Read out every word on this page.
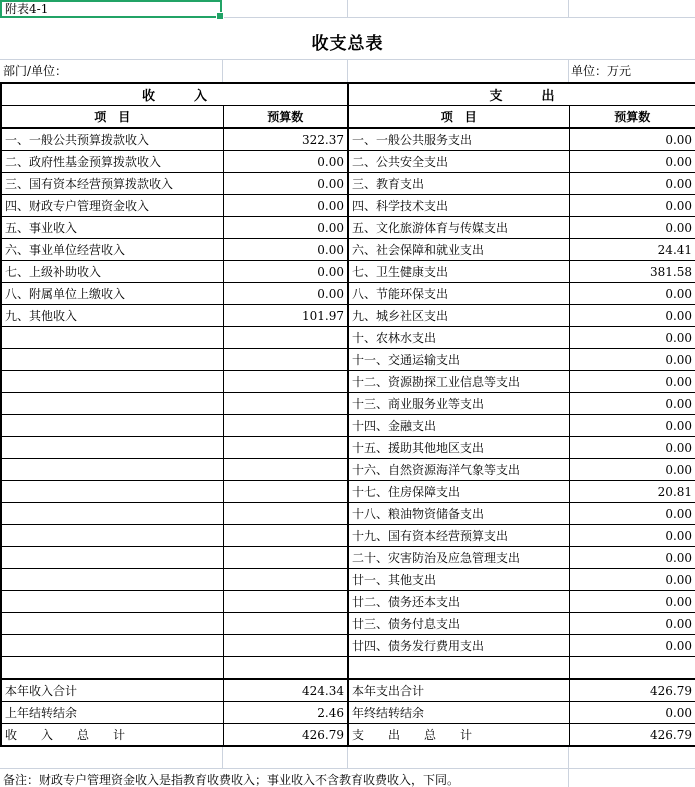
附表4-1
收支总表
部门/单位：	单位：万元
收　　　入		支　　　出	
项　目	预算数	项　目	预算数
一、一般公共预算拨款收入	322.37	一、一般公共服务支出	0.00
二、政府性基金预算拨款收入	0.00	二、公共安全支出	0.00
三、国有资本经营预算拨款收入	0.00	三、教育支出	0.00
四、财政专户管理资金收入	0.00	四、科学技术支出	0.00
五、事业收入	0.00	五、文化旅游体育与传媒支出	0.00
六、事业单位经营收入	0.00	六、社会保障和就业支出	24.41
七、上级补助收入	0.00	七、卫生健康支出	381.58
八、附属单位上缴收入	0.00	八、节能环保支出	0.00
九、其他收入	101.97	九、城乡社区支出	0.00
		十、农林水支出	0.00
		十一、交通运输支出	0.00
		十二、资源勘探工业信息等支出	0.00
		十三、商业服务业等支出	0.00
		十四、金融支出	0.00
		十五、援助其他地区支出	0.00
		十六、自然资源海洋气象等支出	0.00
		十七、住房保障支出	20.81
		十八、粮油物资储备支出	0.00
		十九、国有资本经营预算支出	0.00
		二十、灾害防治及应急管理支出	0.00
		廿一、其他支出	0.00
		廿二、债务还本支出	0.00
		廿三、债务付息支出	0.00
		廿四、债务发行费用支出	0.00

本年收入合计	424.34	本年支出合计	426.79
上年结转结余	2.46	年终结转结余	0.00
收　　入　　总　　计	426.79	支　　出　　总　　计	426.79
备注：财政专户管理资金收入是指教育收费收入；事业收入不含教育收费收入，下同。
